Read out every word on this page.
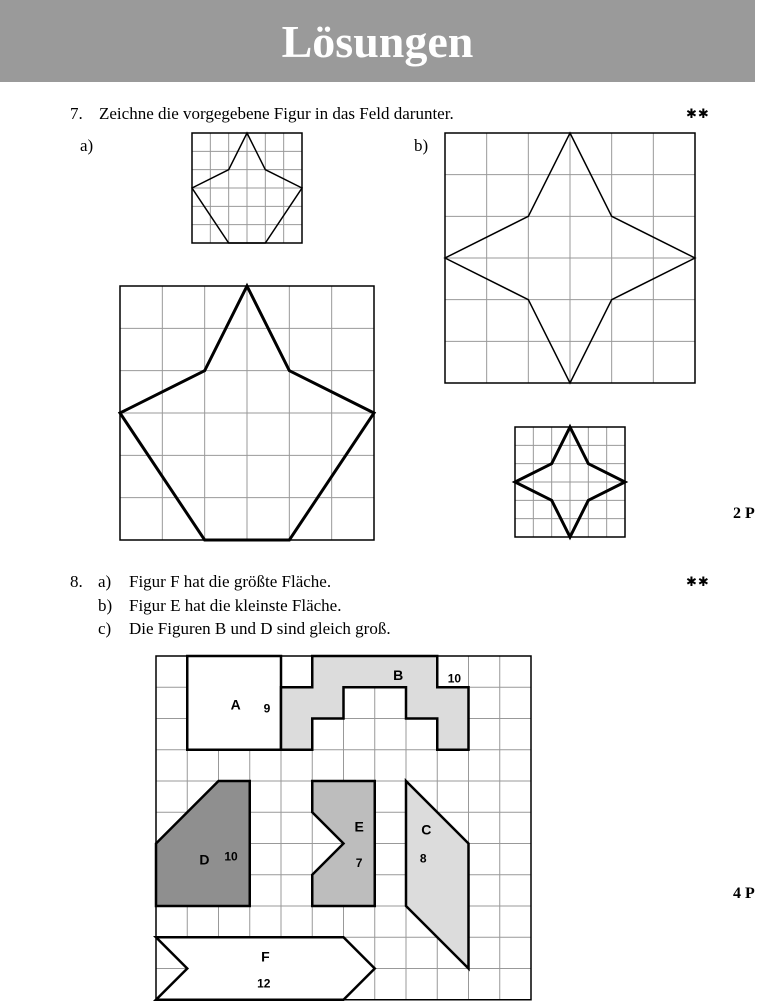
Lösungen
7. Zeichne die vorgegebene Figur in das Feld darunter.	✱✱
a)	b)
2 P
8.	✱✱
a) Figur F hat die größte Fläche.
b) Figur E hat die kleinste Fläche.
c) Die Figuren B und D sind gleich groß.
A 9
B	10
C
8
D 10
E
7
F
12
4 P
